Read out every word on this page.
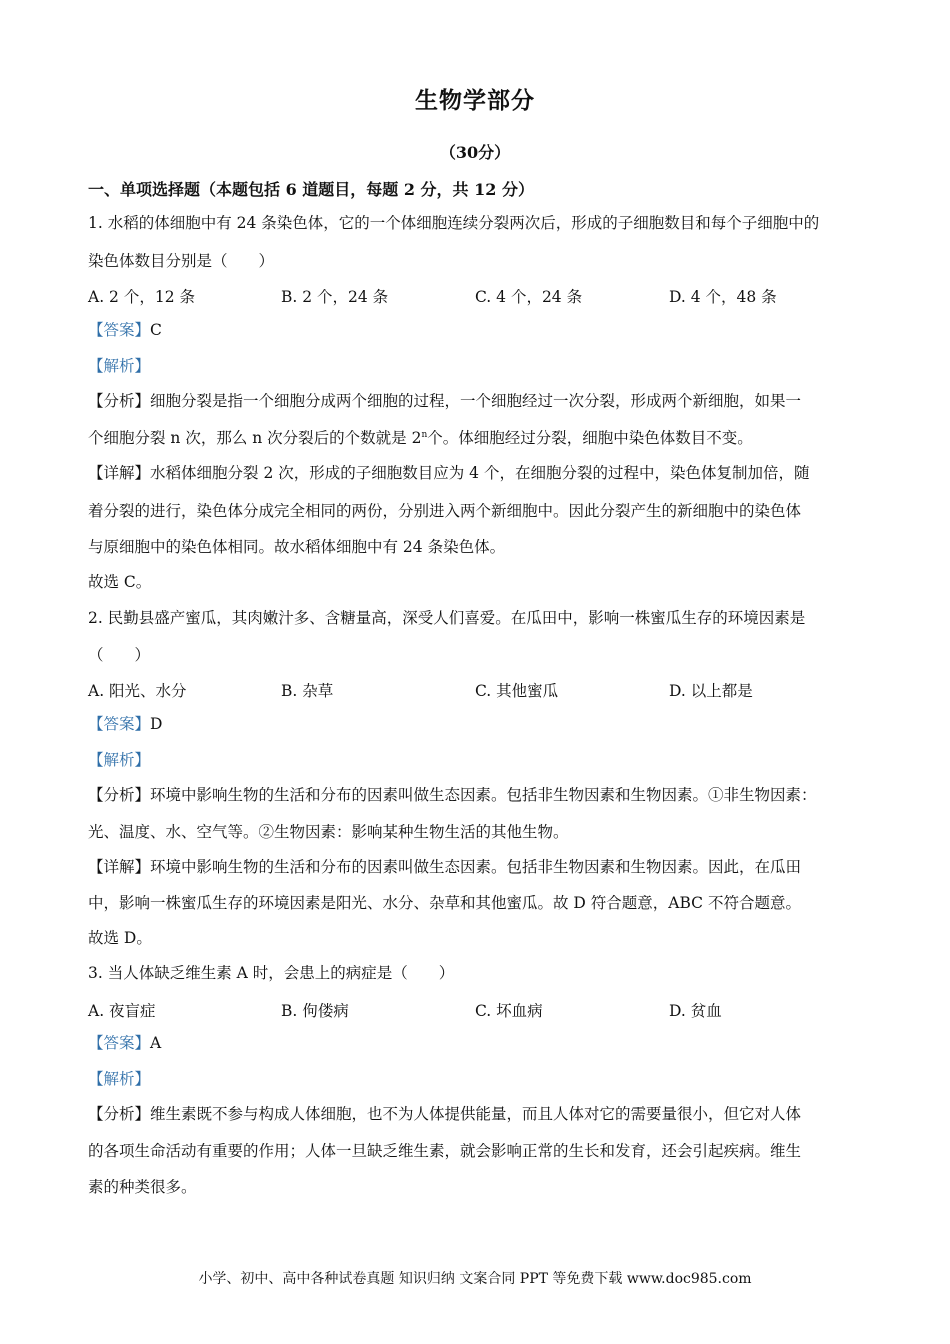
生物学部分
（30分）
一、单项选择题（本题包括 6 道题目，每题 2 分，共 12 分）
1. 水稻的体细胞中有 24 条染色体，它的一个体细胞连续分裂两次后，形成的子细胞数目和每个子细胞中的
染色体数目分别是（　　）
A. 2 个，12 条	B. 2 个，24 条	C. 4 个，24 条	D. 4 个，48 条
【答案】C
【解析】
【分析】细胞分裂是指一个细胞分成两个细胞的过程，一个细胞经过一次分裂，形成两个新细胞，如果一
个细胞分裂 n 次，那么 n 次分裂后的个数就是 2$^n$个。体细胞经过分裂，细胞中染色体数目不变。
【详解】水稻体细胞分裂 2 次，形成的子细胞数目应为 4 个，在细胞分裂的过程中，染色体复制加倍，随
着分裂的进行，染色体分成完全相同的两份，分别进入两个新细胞中。因此分裂产生的新细胞中的染色体
与原细胞中的染色体相同。故水稻体细胞中有 24 条染色体。
故选 C。
2. 民勤县盛产蜜瓜，其肉嫩汁多、含糖量高，深受人们喜爱。在瓜田中，影响一株蜜瓜生存的环境因素是
（　　）
A. 阳光、水分	B. 杂草	C. 其他蜜瓜	D. 以上都是
【答案】D
【解析】
【分析】环境中影响生物的生活和分布的因素叫做生态因素。包括非生物因素和生物因素。①非生物因素：
光、温度、水、空气等。②生物因素：影响某种生物生活的其他生物。
【详解】环境中影响生物的生活和分布的因素叫做生态因素。包括非生物因素和生物因素。因此，在瓜田
中，影响一株蜜瓜生存的环境因素是阳光、水分、杂草和其他蜜瓜。故 D 符合题意，ABC 不符合题意。
故选 D。
3. 当人体缺乏维生素 A 时，会患上的病症是（　　）
A. 夜盲症	B. 佝偻病	C. 坏血病	D. 贫血
【答案】A
【解析】
【分析】维生素既不参与构成人体细胞，也不为人体提供能量，而且人体对它的需要量很小，但它对人体
的各项生命活动有重要的作用；人体一旦缺乏维生素，就会影响正常的生长和发育，还会引起疾病。维生
素的种类很多。
小学、初中、高中各种试卷真题 知识归纳 文案合同 PPT 等免费下载 www.doc985.com
